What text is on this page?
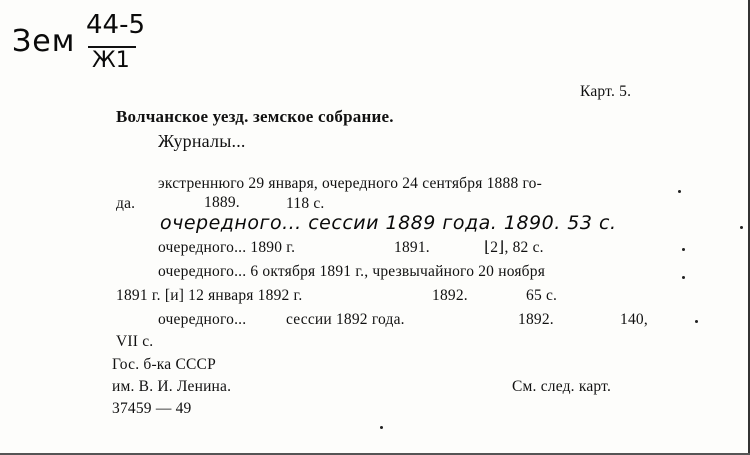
Зем 44-5
Ж1
Карт. 5.
Волчанское уезд. земское собрание.
Журналы...
экстреннюго 29 января, очередного 24 сентября 1888 го-
да.	1889.	118 с.
очередного... сессии 1889 года. 1890. 53 с.
очередного... 1890 г.	1891.	⌊2⌋, 82 с.
очередного... 6 октября 1891 г., чрезвычайного 20 ноября
1891 г. [и] 12 января 1892 г.	1892.	65 с.
очередного...	сессии 1892 года.	1892.	140,
VII с.
Гос. б-ка СССР
им. В. И. Ленина.
37459 — 49
См. след. карт.
